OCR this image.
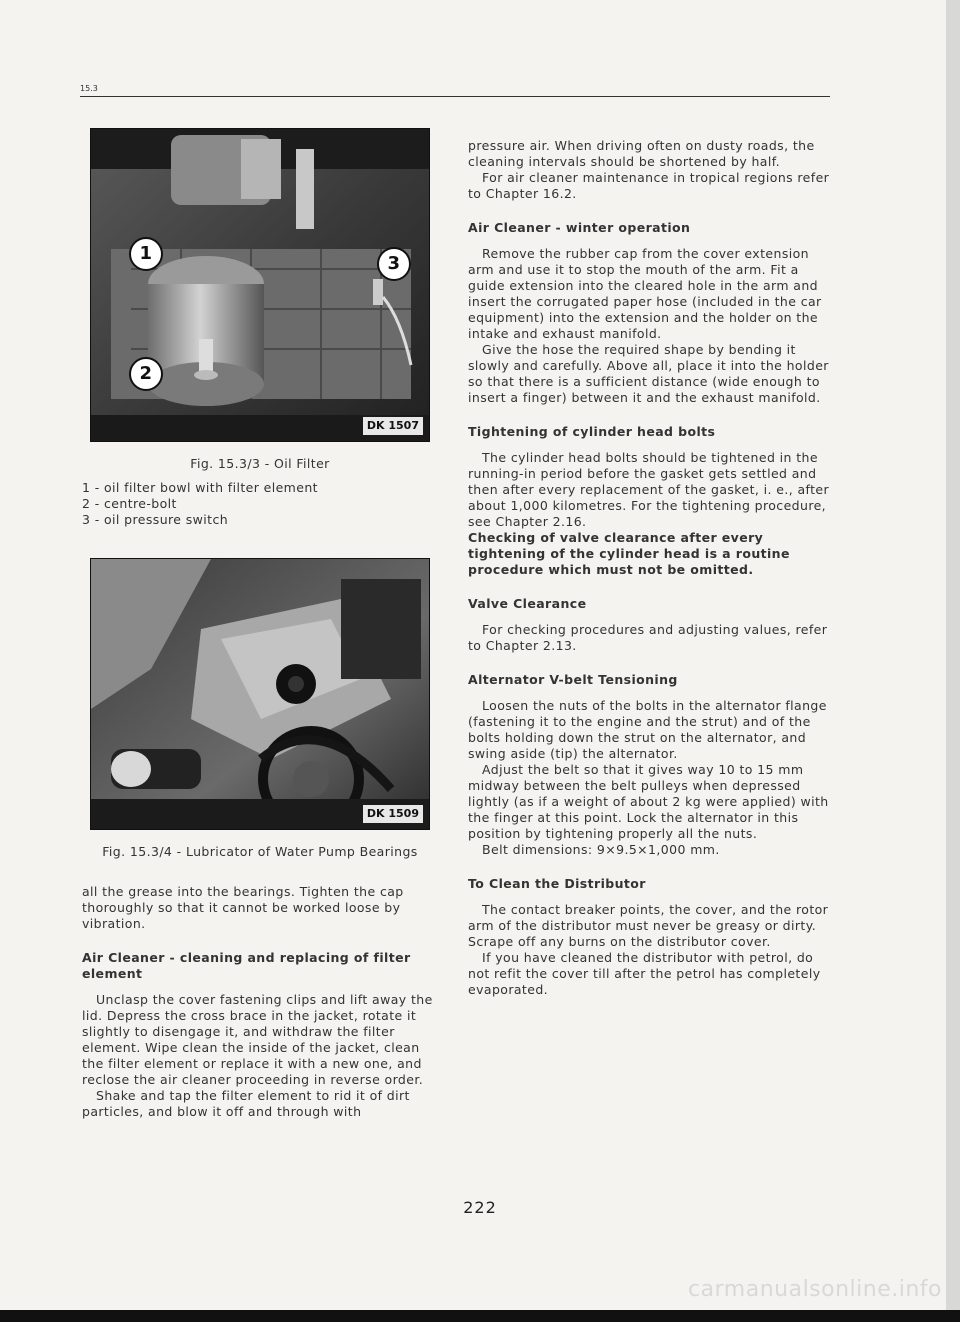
15.3
1
2
3
DK 1507
Fig. 15.3/3 - Oil Filter

1 - oil filter bowl with filter element

2 - centre-bolt

3 - oil pressure switch

DK 1509
Fig. 15.3/4 - Lubricator of Water Pump Bearings

all the grease into the bearings. Tighten the cap thoroughly so that it cannot be worked loose by vibration.

Air Cleaner - cleaning and replacing of filter element

Unclasp the cover fastening clips and lift away the lid. Depress the cross brace in the jacket, rotate it slightly to disengage it, and withdraw the filter element. Wipe clean the inside of the jacket, clean the filter element or replace it with a new one, and reclose the air cleaner proceeding in reverse order.

Shake and tap the filter element to rid it of dirt particles, and blow it off and through with

pressure air. When driving often on dusty roads, the cleaning intervals should be shortened by half.

For air cleaner maintenance in tropical regions refer to Chapter 16.2.

Air Cleaner - winter operation

Remove the rubber cap from the cover extension arm and use it to stop the mouth of the arm. Fit a guide extension into the cleared hole in the arm and insert the corrugated paper hose (included in the car equipment) into the extension and the holder on the intake and exhaust manifold.

Give the hose the required shape by bending it slowly and carefully. Above all, place it into the holder so that there is a sufficient distance (wide enough to insert a finger) between it and the exhaust manifold.

Tightening of cylinder head bolts

The cylinder head bolts should be tightened in the running-in period before the gasket gets settled and then after every replacement of the gasket, i. e., after about 1,000 kilometres. For the tightening procedure, see Chapter 2.16.

Checking of valve clearance after every tightening of the cylinder head is a routine procedure which must not be omitted.

Valve Clearance

For checking procedures and adjusting values, refer to Chapter 2.13.

Alternator V-belt Tensioning

Loosen the nuts of the bolts in the alternator flange (fastening it to the engine and the strut) and of the bolts holding down the strut on the alternator, and swing aside (tip) the alternator.

Adjust the belt so that it gives way 10 to 15 mm midway between the belt pulleys when depressed lightly (as if a weight of about 2 kg were applied) with the finger at this point. Lock the alternator in this position by tightening properly all the nuts.

Belt dimensions: 9×9.5×1,000 mm.

To Clean the Distributor

The contact breaker points, the cover, and the rotor arm of the distributor must never be greasy or dirty. Scrape off any burns on the distributor cover.

If you have cleaned the distributor with petrol, do not refit the cover till after the petrol has completely evaporated.

222
carmanualsonline.info
